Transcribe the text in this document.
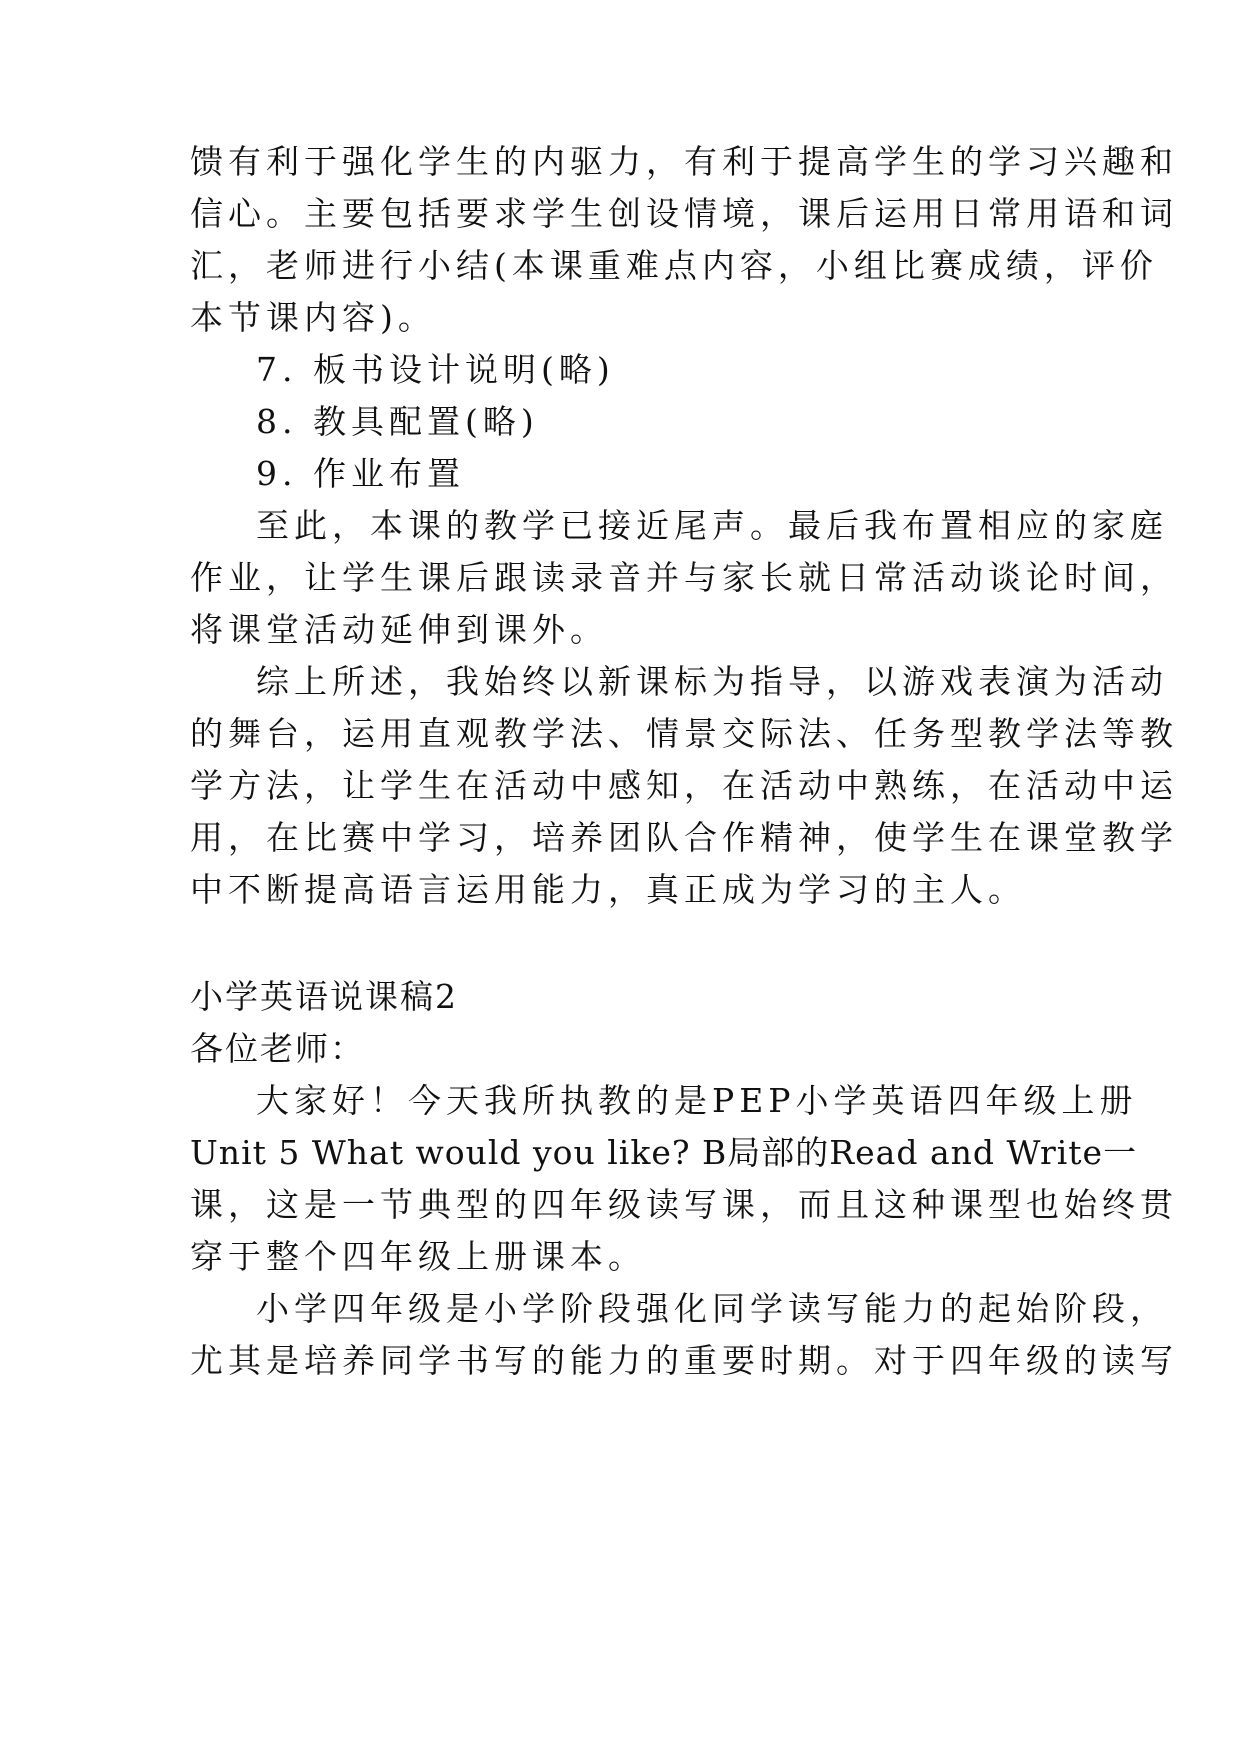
馈有利于强化学生的内驱力，有利于提高学生的学习兴趣和
信心。主要包括要求学生创设情境，课后运用日常用语和词
汇，老师进行小结(本课重难点内容，小组比赛成绩，评价
本节课内容)。
7. 板书设计说明(略)
8. 教具配置(略)
9. 作业布置
至此，本课的教学已接近尾声。最后我布置相应的家庭
作业，让学生课后跟读录音并与家长就日常活动谈论时间，
将课堂活动延伸到课外。
综上所述，我始终以新课标为指导，以游戏表演为活动
的舞台，运用直观教学法、情景交际法、任务型教学法等教
学方法，让学生在活动中感知，在活动中熟练，在活动中运
用，在比赛中学习，培养团队合作精神，使学生在课堂教学
中不断提高语言运用能力，真正成为学习的主人。
小学英语说课稿2
各位老师：
大家好！今天我所执教的是PEP小学英语四年级上册
Unit 5 What would you like? B局部的Read and Write一
课，这是一节典型的四年级读写课，而且这种课型也始终贯
穿于整个四年级上册课本。
小学四年级是小学阶段强化同学读写能力的起始阶段，
尤其是培养同学书写的能力的重要时期。对于四年级的读写
